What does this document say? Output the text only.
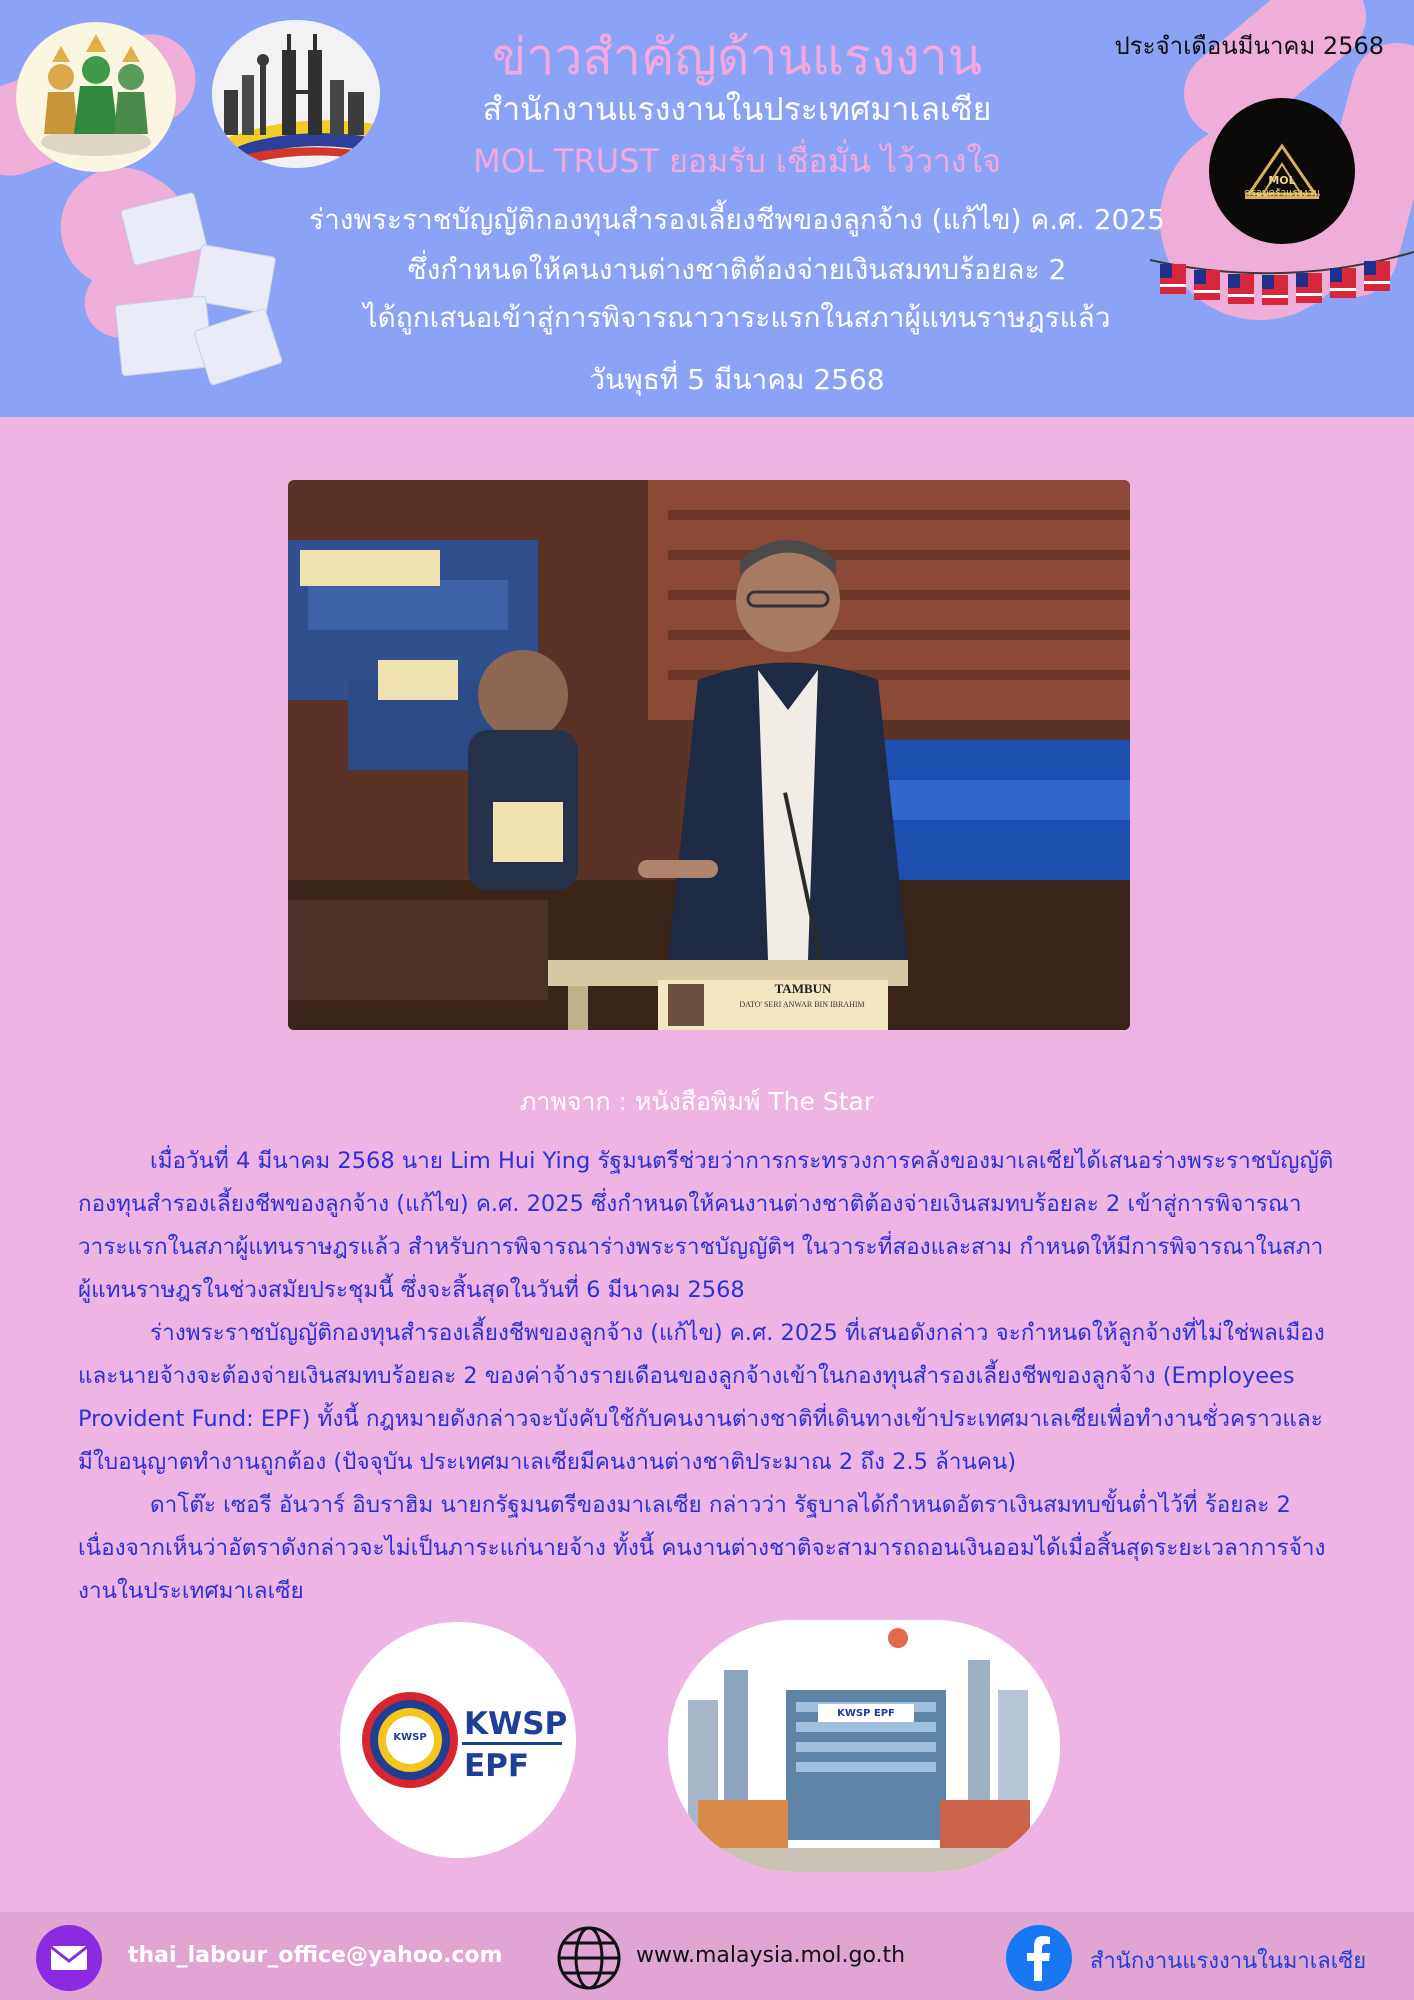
ข่าวสำคัญด้านแรงงาน
สำนักงานแรงงานในประเทศมาเลเซีย
MOL TRUST ยอมรับ เชื่อมั่น ไว้วางใจ
ประจำเดือนมีนาคม 2568
ร่างพระราชบัญญัติกองทุนสำรองเลี้ยงชีพของลูกจ้าง (แก้ไข) ค.ศ. 2025
ซึ่งกำหนดให้คนงานต่างชาติต้องจ่ายเงินสมทบร้อยละ 2
ได้ถูกเสนอเข้าสู่การพิจารณาวาระแรกในสภาผู้แทนราษฎรแล้ว
วันพุธที่ 5 มีนาคม 2568
MOL
ครอบครัวแรงงาน
TAMBUN
DATO' SERI ANWAR BIN IBRAHIM
ภาพจาก : หนังสือพิมพ์ The Star

เมื่อวันที่ 4 มีนาคม 2568 นาย Lim Hui Ying รัฐมนตรีช่วยว่าการกระทรวงการคลังของมาเลเซียได้เสนอร่างพระราชบัญญัติกองทุนสำรองเลี้ยงชีพของลูกจ้าง (แก้ไข) ค.ศ. 2025 ซึ่งกำหนดให้คนงานต่างชาติต้องจ่ายเงินสมทบร้อยละ 2 เข้าสู่การพิจารณาวาระแรกในสภาผู้แทนราษฎรแล้ว สำหรับการพิจารณาร่างพระราชบัญญัติฯ ในวาระที่สองและสาม กำหนดให้มีการพิจารณาในสภาผู้แทนราษฎรในช่วงสมัยประชุมนี้ ซึ่งจะสิ้นสุดในวันที่ 6 มีนาคม 2568

ร่างพระราชบัญญัติกองทุนสำรองเลี้ยงชีพของลูกจ้าง (แก้ไข) ค.ศ. 2025 ที่เสนอดังกล่าว จะกำหนดให้ลูกจ้างที่ไม่ใช่พลเมืองและนายจ้างจะต้องจ่ายเงินสมทบร้อยละ 2 ของค่าจ้างรายเดือนของลูกจ้างเข้าในกองทุนสำรองเลี้ยงชีพของลูกจ้าง (Employees Provident Fund: EPF) ทั้งนี้ กฎหมายดังกล่าวจะบังคับใช้กับคนงานต่างชาติที่เดินทางเข้าประเทศมาเลเซียเพื่อทำงานชั่วคราวและมีใบอนุญาตทำงานถูกต้อง (ปัจจุบัน ประเทศมาเลเซียมีคนงานต่างชาติประมาณ 2 ถึง 2.5 ล้านคน)

ดาโต๊ะ เซอรี อันวาร์ อิบราฮิม นายกรัฐมนตรีของมาเลเซีย กล่าวว่า รัฐบาลได้กำหนดอัตราเงินสมทบขั้นต่ำไว้ที่ ร้อยละ 2 เนื่องจากเห็นว่าอัตราดังกล่าวจะไม่เป็นภาระแก่นายจ้าง ทั้งนี้ คนงานต่างชาติจะสามารถถอนเงินออมได้เมื่อสิ้นสุดระยะเวลาการจ้างงานในประเทศมาเลเซีย

KWSP KWSP
EPF
KWSP EPF
thai_labour_office@yahoo.com	www.malaysia.mol.go.th	สำนักงานแรงงานในมาเลเซีย
